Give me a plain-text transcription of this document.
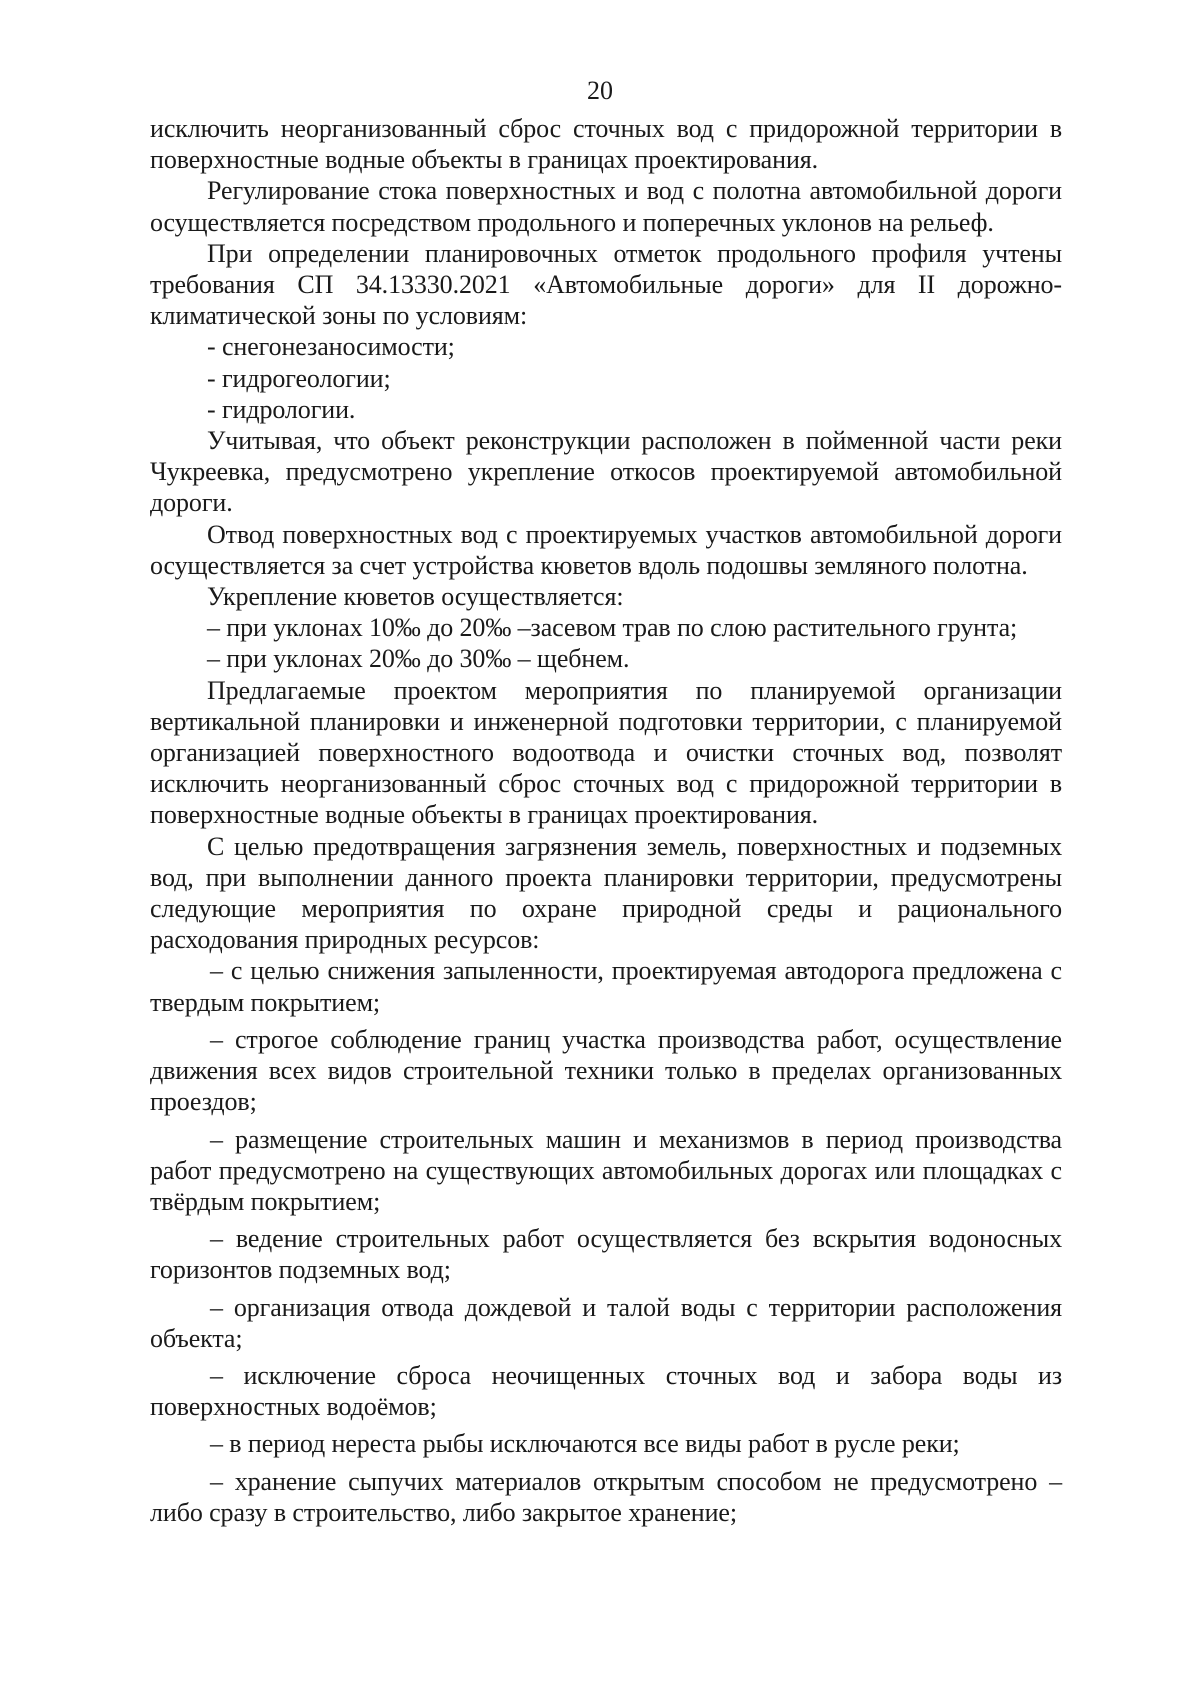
20

исключить неорганизованный сброс сточных вод с придорожной территории в поверхностные водные объекты в границах проектирования.

Регулирование стока поверхностных и вод с полотна автомобильной дороги осуществляется посредством продольного и поперечных уклонов на рельеф.

При определении планировочных отметок продольного профиля учтены требования СП 34.13330.2021 «Автомобильные дороги» для II дорожно-климатической зоны по условиям:

- снегонезаносимости;

- гидрогеологии;

- гидрологии.

Учитывая, что объект реконструкции расположен в пойменной части реки Чукреевка, предусмотрено укрепление откосов проектируемой автомобильной дороги.

Отвод поверхностных вод с проектируемых участков автомобильной дороги осуществляется за счет устройства кюветов вдоль подошвы земляного полотна.

Укрепление кюветов осуществляется:

– при уклонах 10‰ до 20‰ –засевом трав по слою растительного грунта;

– при уклонах 20‰ до 30‰ – щебнем.

Предлагаемые проектом мероприятия по планируемой организации вертикальной планировки и инженерной подготовки территории, с планируемой организацией поверхностного водоотвода и очистки сточных вод, позволят исключить неорганизованный сброс сточных вод с придорожной территории в поверхностные водные объекты в границах проектирования.

С целью предотвращения загрязнения земель, поверхностных и подземных вод, при выполнении данного проекта планировки территории, предусмотрены следующие мероприятия по охране природной среды и рационального расходования природных ресурсов:

– с целью снижения запыленности, проектируемая автодорога предложена с твердым покрытием;

– строгое соблюдение границ участка производства работ, осуществление движения всех видов строительной техники только в пределах организованных проездов;

– размещение строительных машин и механизмов в период производства работ предусмотрено на существующих автомобильных дорогах или площадках с твёрдым покрытием;

– ведение строительных работ осуществляется без вскрытия водоносных горизонтов подземных вод;

– организация отвода дождевой и талой воды с территории расположения объекта;

– исключение сброса неочищенных сточных вод и забора воды из поверхностных водоёмов;

– в период нереста рыбы исключаются все виды работ в русле реки;

– хранение сыпучих материалов открытым способом не предусмотрено – либо сразу в строительство, либо закрытое хранение;
